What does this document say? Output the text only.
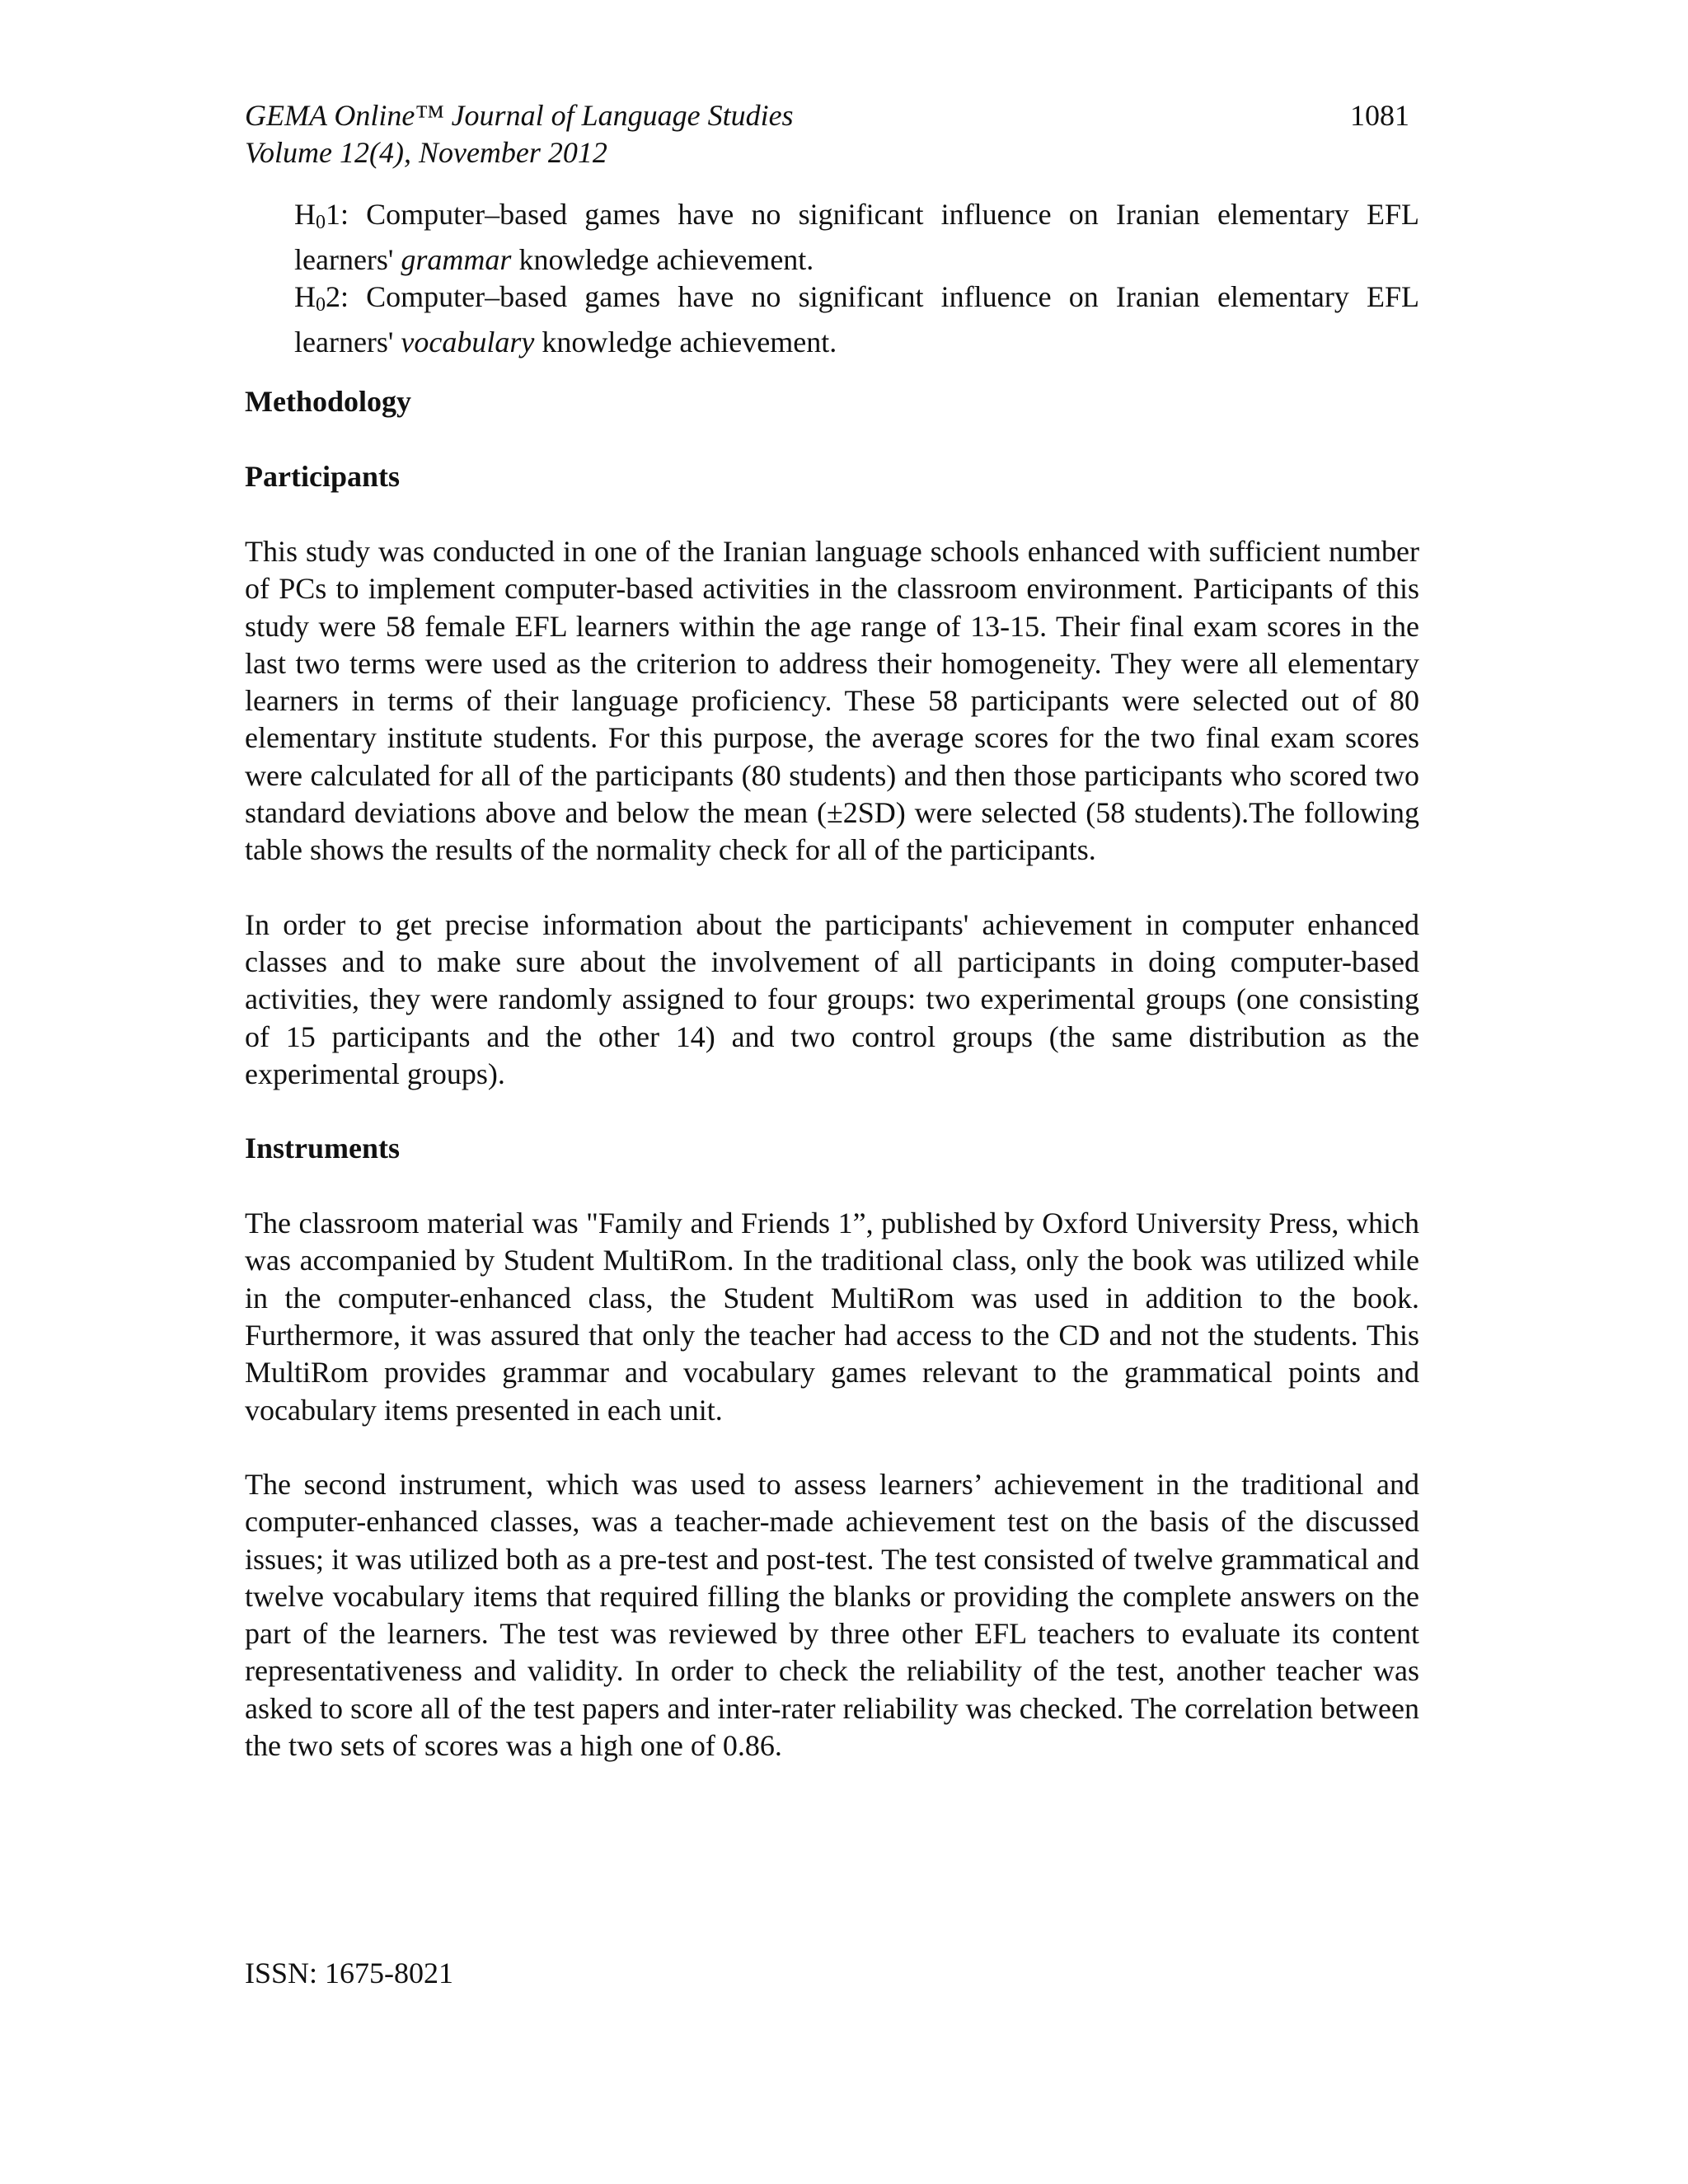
GEMA Online™ Journal of Language Studies
Volume 12(4), November 2012
1081
$H_01$: Computer–based games have no significant influence on Iranian elementary EFL learners' grammar knowledge achievement.
$H_02$: Computer–based games have no significant influence on Iranian elementary EFL learners' vocabulary knowledge achievement.
Methodology
Participants

This study was conducted in one of the Iranian language schools enhanced with sufficient number of PCs to implement computer-based activities in the classroom environment. Participants of this study were 58 female EFL learners within the age range of 13-15. Their final exam scores in the last two terms were used as the criterion to address their homogeneity. They were all elementary learners in terms of their language proficiency. These 58 participants were selected out of 80 elementary institute students. For this purpose, the average scores for the two final exam scores were calculated for all of the participants (80 students) and then those participants who scored two standard deviations above and below the mean (±2SD) were selected (58 students).The following table shows the results of the normality check for all of the participants.

In order to get precise information about the participants' achievement in computer enhanced classes and to make sure about the involvement of all participants in doing computer-based activities, they were randomly assigned to four groups: two experimental groups (one consisting of 15 participants and the other 14) and two control groups (the same distribution as the experimental groups).

Instruments

The classroom material was "Family and Friends 1”, published by Oxford University Press, which was accompanied by Student MultiRom. In the traditional class, only the book was utilized while in the computer-enhanced class, the Student MultiRom was used in addition to the book. Furthermore, it was assured that only the teacher had access to the CD and not the students. This MultiRom provides grammar and vocabulary games relevant to the grammatical points and vocabulary items presented in each unit.

The second instrument, which was used to assess learners’ achievement in the traditional and computer-enhanced classes, was a teacher-made achievement test on the basis of the discussed issues; it was utilized both as a pre-test and post-test. The test consisted of twelve grammatical and twelve vocabulary items that required filling the blanks or providing the complete answers on the part of the learners. The test was reviewed by three other EFL teachers to evaluate its content representativeness and validity. In order to check the reliability of the test, another teacher was asked to score all of the test papers and inter-rater reliability was checked. The correlation between the two sets of scores was a high one of 0.86.

ISSN: 1675-8021
